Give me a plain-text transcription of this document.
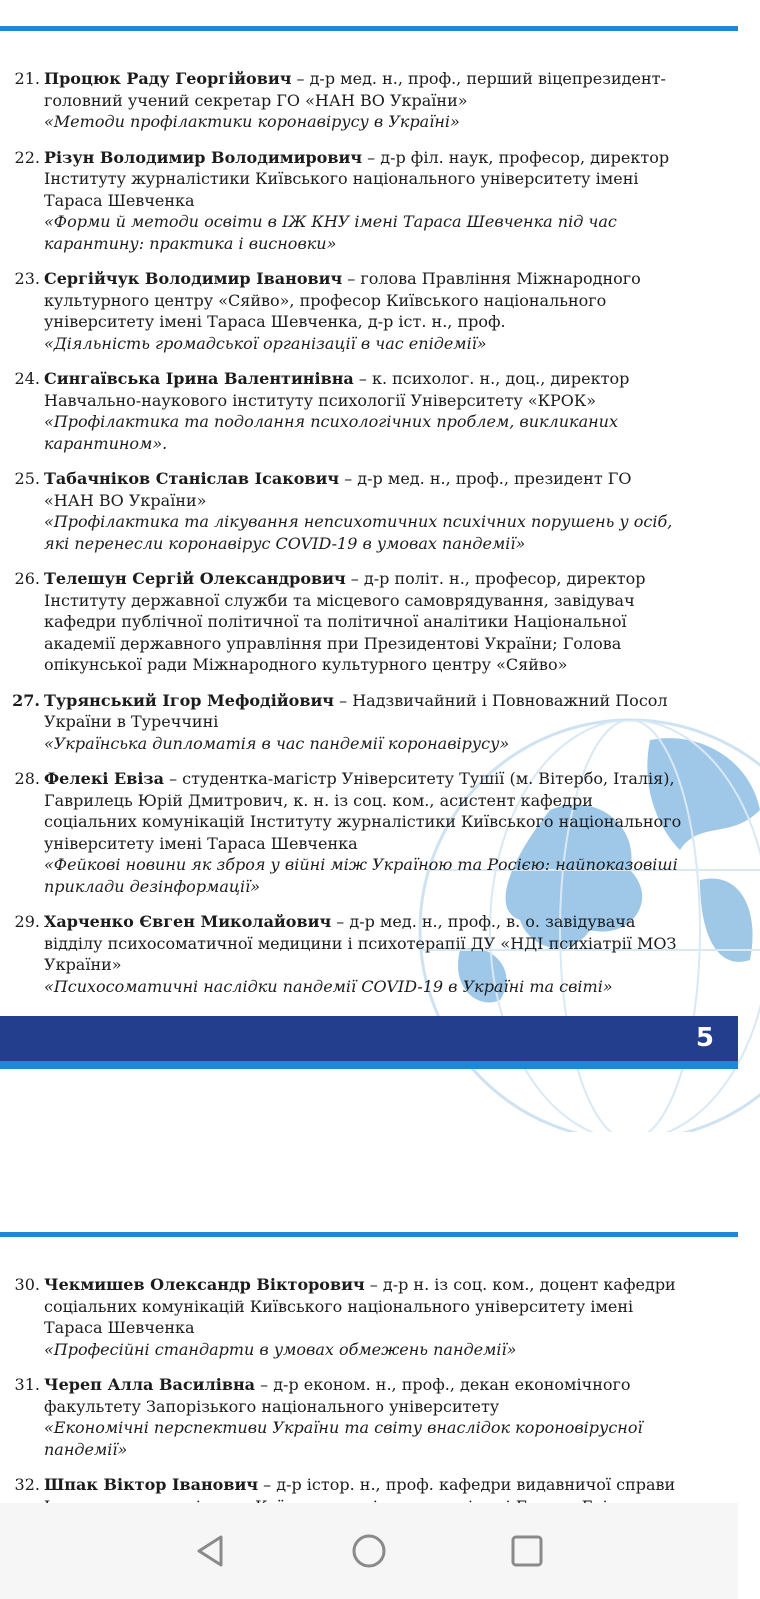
21. Процюк Раду Георгійович – д-р мед. н., проф., перший віцепрезидент-головний учений секретар ГО «НАН ВО України»
«Методи профілактики коронавірусу в Україні»
22. Різун Володимир Володимирович – д-р філ. наук, професор, директор Інституту журналістики Київського національного університету імені Тараса Шевченка
«Форми й методи освіти в ІЖ КНУ імені Тараса Шевченка під час карантину: практика і висновки»
23. Сергійчук Володимир Іванович – голова Правління Міжнародного культурного центру «Сяйво», професор Київського національного університету імені Тараса Шевченка, д-р іст. н., проф.
«Діяльність громадської організації в час епідемії»
24. Сингаївська Ірина Валентинівна – к. психолог. н., доц., директор Навчально-наукового інституту психології Університету «КРОК»
«Профілактика та подолання психологічних проблем, викликаних карантином».
25. Табачніков Станіслав Ісакович – д-р мед. н., проф., президент ГО «НАН ВО України»
«Профілактика та лікування непсихотичних психічних порушень у осіб, які перенесли коронавірус COVID-19 в умовах пандемії»
26. Телешун Сергій Олександрович – д-р політ. н., професор, директор Інституту державної служби та місцевого самоврядування, завідувач кафедри публічної політичної та політичної аналітики Національної академії державного управління при Президентові України; Голова опікунської ради Міжнародного культурного центру «Сяйво»
27. Турянський Ігор Мефодійович – Надзвичайний і Повноважний Посол України в Туреччині
«Українська дипломатія в час пандемії коронавірусу»
28. Фелекі Евіза – студентка-магістр Університету Тушії (м. Вітербо, Італія), Гаврилець Юрій Дмитрович, к. н. із соц. ком., асистент кафедри соціальних комунікацій Інституту журналістики Київського національного університету імені Тараса Шевченка
«Фейкові новини як зброя у війні між Україною та Росією: найпоказовіші приклади дезінформації»
29. Харченко Євген Миколайович – д-р мед. н., проф., в. о. завідувача відділу психосоматичної медицини і психотерапії ДУ «НДІ психіатрії МОЗ України»
«Психосоматичні наслідки пандемії COVID-19 в Україні та світі»
5
30. Чекмишев Олександр Вікторович – д-р н. із соц. ком., доцент кафедри соціальних комунікацій Київського національного університету імені Тараса Шевченка
«Професійні стандарти в умовах обмежень пандемії»
31. Череп Алла Василівна – д-р економ. н., проф., декан економічного факультету Запорізького національного університету
«Економічні перспективи України та світу внаслідок короновірусної пандемії»
32. Шпак Віктор Іванович – д-р істор. н., проф. кафедри видавничої справи
